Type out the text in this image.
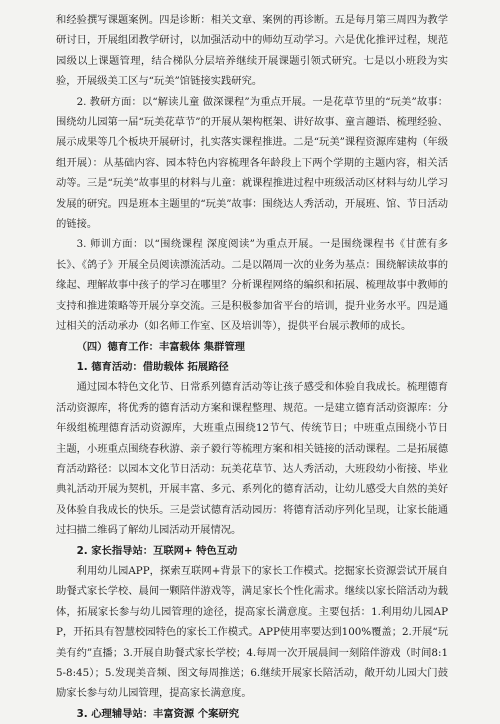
和经验撰写课题案例。四是诊断：相关文章、案例的再诊断。五是每月第三周四为教学研讨日，开展组团教学研讨，以加强活动中的师幼互动学习。六是优化推评过程，规范园级以上课题管理，结合梯队分层培养继续开展课题引领式研究。七是以小班段为实验，开展级美工区与“玩美”馆链接实践研究。

2. 教研方面：以“解读儿童 做深课程”为重点开展。一是花草节里的“玩美”故事：围绕幼儿园第一届“玩美花草节”的开展从架构框架、讲好故事、童言趣语、梳理经验、展示成果等几个板块开展研讨，扎实落实课程推进。二是“玩美”课程资源库建构（年级组开展）：从基础内容、园本特色内容梳理各年龄段上下两个学期的主题内容，相关活动等。三是“玩美”故事里的材料与儿童：就课程推进过程中班级活动区材料与幼儿学习发展的研究。四是班本主题里的“玩美”故事：围绕达人秀活动，开展班、馆、节日活动的链接。

3. 师训方面：以“围绕课程 深度阅读”为重点开展。一是围绕课程书《甘蔗有多长》、《鸽子》开展全员阅读漂流活动。二是以隔周一次的业务为基点：围绕解读故事的缘起、理解故事中孩子的学习在哪里？分析课程网络的编织和拓展、梳理故事中教师的支持和推进策略等开展分享交流。三是积极参加省平台的培训，提升业务水平。四是通过相关的活动承办（如名师工作室、区及培训等），提供平台展示教师的成长。

（四）德育工作：丰富载体 集群管理

1. 德育活动：借助载体 拓展路径

通过园本特色文化节、日常系列德育活动等让孩子感受和体验自我成长。梳理德育活动资源库，将优秀的德育活动方案和课程整理、规范。一是建立德育活动资源库：分年级组梳理德育活动资源库，大班重点围绕12节气、传统节日；中班重点围绕小节日主题，小班重点围绕春秋游、亲子毅行等梳理方案和相关链接的活动课程。二是拓展德育活动路径：以园本文化节日活动：玩美花草节、达人秀活动，大班段幼小衔接、毕业典礼活动开展为契机，开展丰富、多元、系列化的德育活动，让幼儿感受大自然的美好及体验自我成长的快乐。三是尝试德育活动园历：将德育活动序列化呈现，让家长能通过扫描二维码了解幼儿园活动开展情况。

2. 家长指导站：互联网+ 特色互动

利用幼儿园APP，探索互联网+背景下的家长工作模式。挖掘家长资源尝试开展自助餐式家长学校、晨间一颗陪伴游戏等，满足家长个性化需求。继续以家长陪活动为载体，拓展家长参与幼儿园管理的途径，提高家长满意度。主要包括：1.利用幼儿园APP，开拓具有智慧校园特色的家长工作模式。APP使用率要达到100%覆盖；2.开展“玩美有约”直播；3.开展自助餐式家长学校；4.每周一次开展晨间一刻陪伴游戏（时间8:15-8:45）；5.发现美音频、图文每周推送；6.继续开展家长陪活动，敞开幼儿园大门鼓励家长参与幼儿园管理，提高家长满意度。

3. 心理辅导站：丰富资源 个案研究
